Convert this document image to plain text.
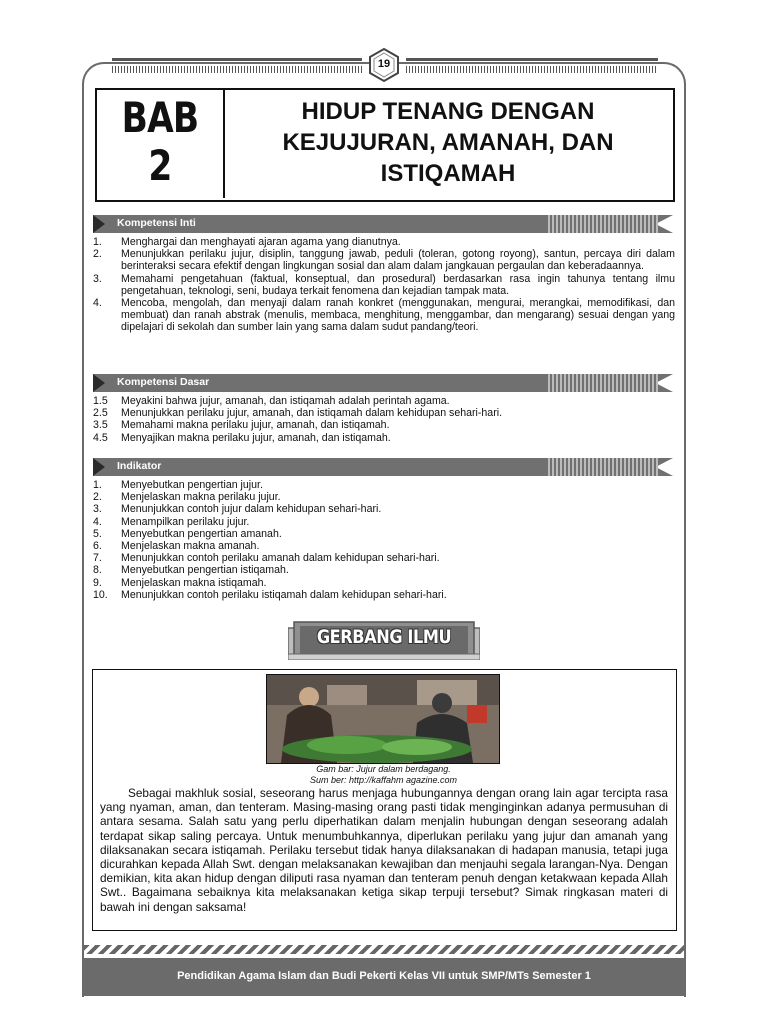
19
BAB
2
HIDUP TENANG DENGAN
KEJUJURAN, AMANAH, DAN
ISTIQAMAH
Kompetensi Inti
1.	Menghargai dan menghayati ajaran agama yang dianutnya.
2.	Menunjukkan perilaku jujur, disiplin, tanggung jawab, peduli (toleran, gotong royong), santun, percaya diri dalam berinteraksi secara efektif dengan lingkungan sosial dan alam dalam jangkauan pergaulan dan keberadaannya.
3.	Memahami pengetahuan (faktual, konseptual, dan prosedural) berdasarkan rasa ingin tahunya tentang ilmu pengetahuan, teknologi, seni, budaya terkait fenomena dan kejadian tampak mata.
4.	Mencoba, mengolah, dan menyaji dalam ranah konkret (menggunakan, mengurai, merangkai, memodifikasi, dan membuat) dan ranah abstrak (menulis, membaca, menghitung, menggambar, dan mengarang) sesuai dengan yang dipelajari di sekolah dan sumber lain yang sama dalam sudut pandang/teori.
Kompetensi Dasar
1.5	Meyakini bahwa jujur, amanah, dan istiqamah adalah perintah agama.
2.5	Menunjukkan perilaku jujur, amanah, dan istiqamah dalam kehidupan sehari-hari.
3.5	Memahami makna perilaku jujur, amanah, dan istiqamah.
4.5	Menyajikan makna perilaku jujur, amanah, dan istiqamah.
Indikator
1.	Menyebutkan pengertian jujur.
2.	Menjelaskan makna perilaku jujur.
3.	Menunjukkan contoh jujur dalam kehidupan sehari-hari.
4.	Menampilkan perilaku jujur.
5.	Menyebutkan pengertian amanah.
6.	Menjelaskan makna amanah.
7.	Menunjukkan contoh perilaku amanah dalam kehidupan sehari-hari.
8.	Menyebutkan pengertian istiqamah.
9.	Menjelaskan makna istiqamah.
10.	Menunjukkan contoh perilaku istiqamah dalam kehidupan sehari-hari.
GERBANG ILMU
Gam bar: Jujur dalam berdagang.
Sum ber: http://kaffahm agazine.com
Sebagai makhluk sosial, seseorang harus menjaga hubungannya dengan orang lain agar tercipta rasa yang nyaman, aman, dan tenteram. Masing-masing orang pasti tidak menginginkan adanya permusuhan di antara sesama. Salah satu yang perlu diperhatikan dalam menjalin hubungan dengan seseorang adalah terdapat sikap saling percaya. Untuk menumbuhkannya, diperlukan perilaku yang jujur dan amanah yang dilaksanakan secara istiqamah. Perilaku tersebut tidak hanya dilaksanakan di hadapan manusia, tetapi juga dicurahkan kepada Allah Swt. dengan melaksanakan kewajiban dan menjauhi segala larangan-Nya. Dengan demikian, kita akan hidup dengan diliputi rasa nyaman dan tenteram penuh dengan ketakwaan kepada Allah Swt.. Bagaimana sebaiknya kita melaksanakan ketiga sikap terpuji tersebut? Simak ringkasan materi di bawah ini dengan saksama!
Pendidikan Agama Islam dan Budi Pekerti Kelas VII untuk SMP/MTs Semester 1
